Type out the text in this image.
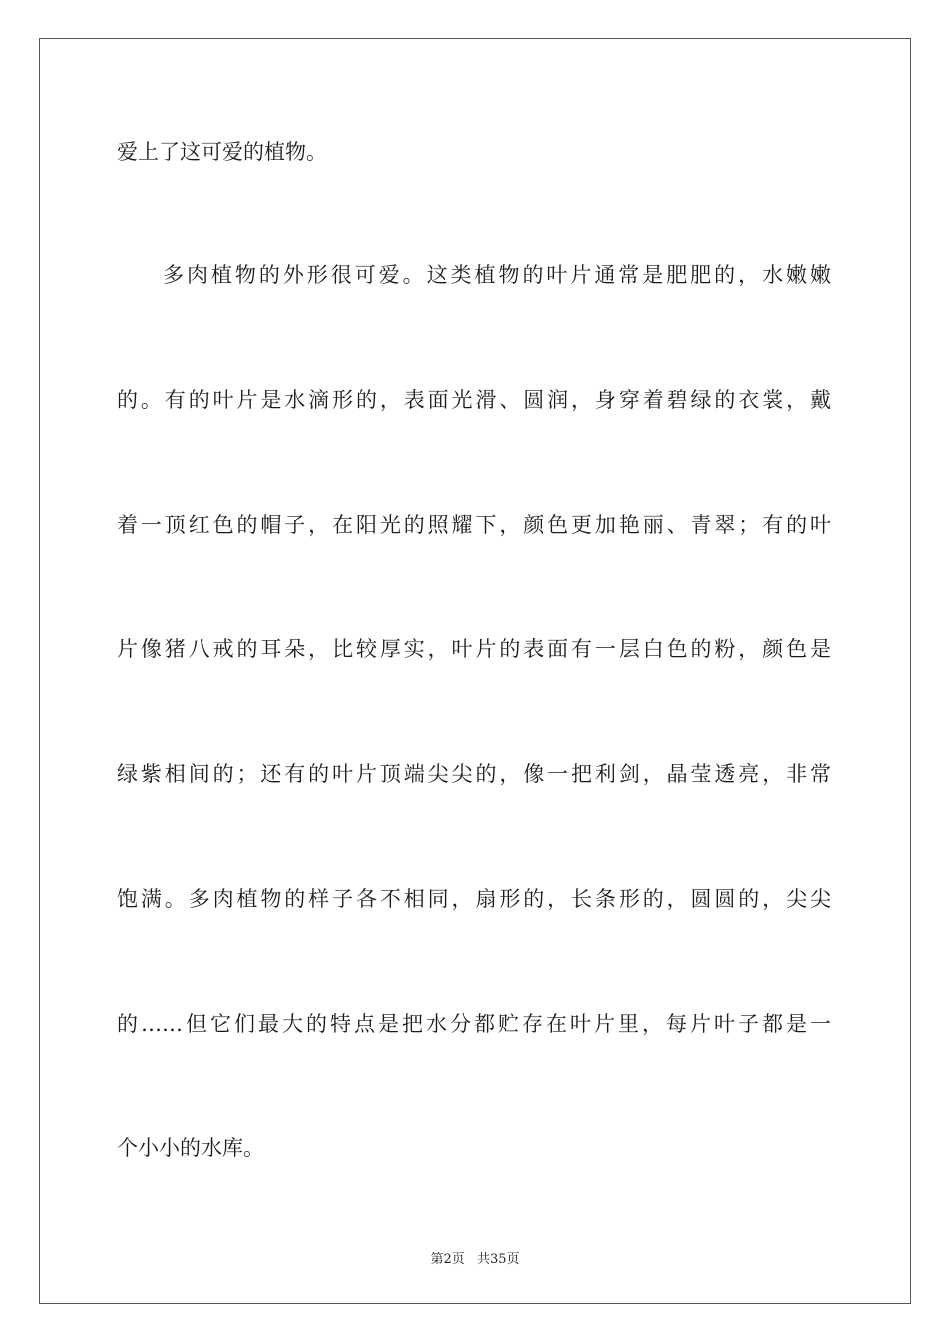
爱上了这可爱的植物。
多肉植物的外形很可爱。这类植物的叶片通常是肥肥的，水嫩嫩
的。有的叶片是水滴形的，表面光滑、圆润，身穿着碧绿的衣裳，戴
着一顶红色的帽子，在阳光的照耀下，颜色更加艳丽、青翠；有的叶
片像猪八戒的耳朵，比较厚实，叶片的表面有一层白色的粉，颜色是
绿紫相间的；还有的叶片顶端尖尖的，像一把利剑，晶莹透亮，非常
饱满。多肉植物的样子各不相同，扇形的，长条形的，圆圆的，尖尖
的……但它们最大的特点是把水分都贮存在叶片里，每片叶子都是一
个小小的水库。
第2页 共35页
